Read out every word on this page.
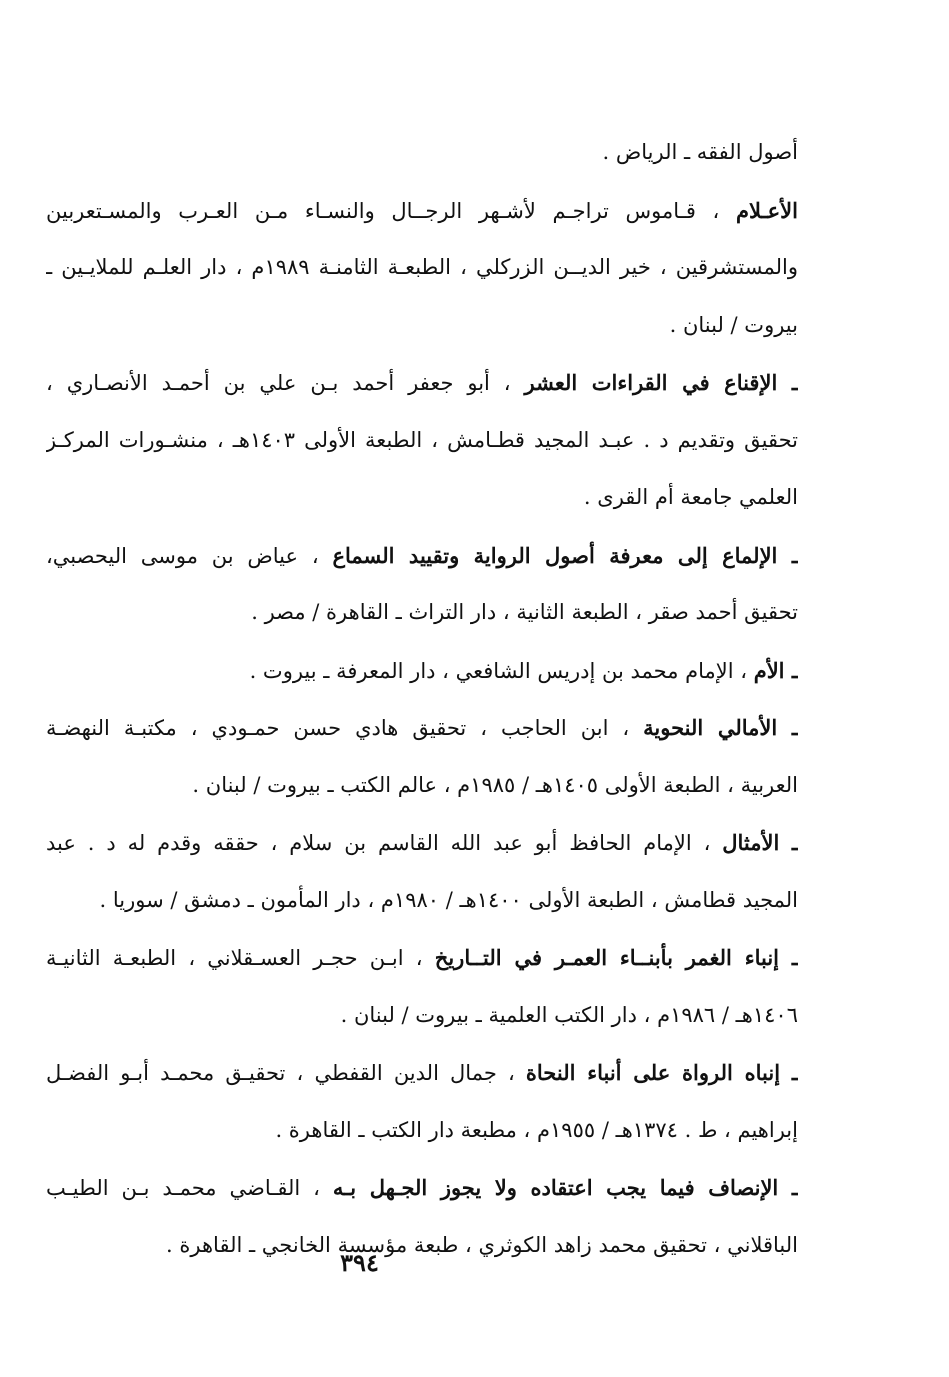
أصول الفقه ـ الرياض .
الأعـلام ، قـاموس تراجـم لأشـهر الرجــال والنسـاء مـن العـرب والمسـتعربين
والمستشرقين ، خير الديــن الزركلي ، الطبعـة الثامنـة ١٩٨٩م ، دار العلـم للملايـين ـ
بيروت / لبنان .
ـ الإقناع في القراءات العشر ، أبو جعفر أحمد بـن علي بن أحمـد الأنصـاري ،
تحقيق وتقديم د . عبـد المجيد قطـامش ، الطبعة الأولى ١٤٠٣هـ ، منشـورات المركـز
العلمي جامعة أم القرى .
ـ الإلماع إلى معرفة أصول الرواية وتقييد السماع ، عياض بن موسى اليحصبي،
تحقيق أحمد صقر ، الطبعة الثانية ، دار التراث ـ القاهرة / مصر .
ـ الأم ، الإمام محمد بن إدريس الشافعي ، دار المعرفة ـ بيروت .
ـ الأمالي النحوية ، ابن الحاجب ، تحقيق هادي حسن حمـودي ، مكتبـة النهضـة
العربية ، الطبعة الأولى ١٤٠٥هـ / ١٩٨٥م ، عالم الكتب ـ بيروت / لبنان .
ـ الأمثال ، الإمام الحافظ أبو عبد الله القاسم بن سلام ، حققه وقدم له د . عبد
المجيد قطامش ، الطبعة الأولى ١٤٠٠هـ / ١٩٨٠م ، دار المأمون ـ دمشق / سوريا .
ـ إنباء الغمر بأبنــاء العمـر في التــاريخ ، ابـن حجـر العسـقلاني ، الطبعـة الثانيـة
١٤٠٦هـ / ١٩٨٦م ، دار الكتب العلمية ـ بيروت / لبنان .
ـ إنباه الرواة على أنباء النحاة ، جمال الدين القفطي ، تحقيـق محمـد أبـو الفضـل
إبراهيم ، ط . ١٣٧٤هـ / ١٩٥٥م ، مطبعة دار الكتب ـ القاهرة .
ـ الإنصاف فيما يجب اعتقاده ولا يجوز الجـهل بـه ، القـاضي محمـد بـن الطيـب
الباقلاني ، تحقيق محمد زاهد الكوثري ، طبعة مؤسسة الخانجي ـ القاهرة .
٣٩٤
